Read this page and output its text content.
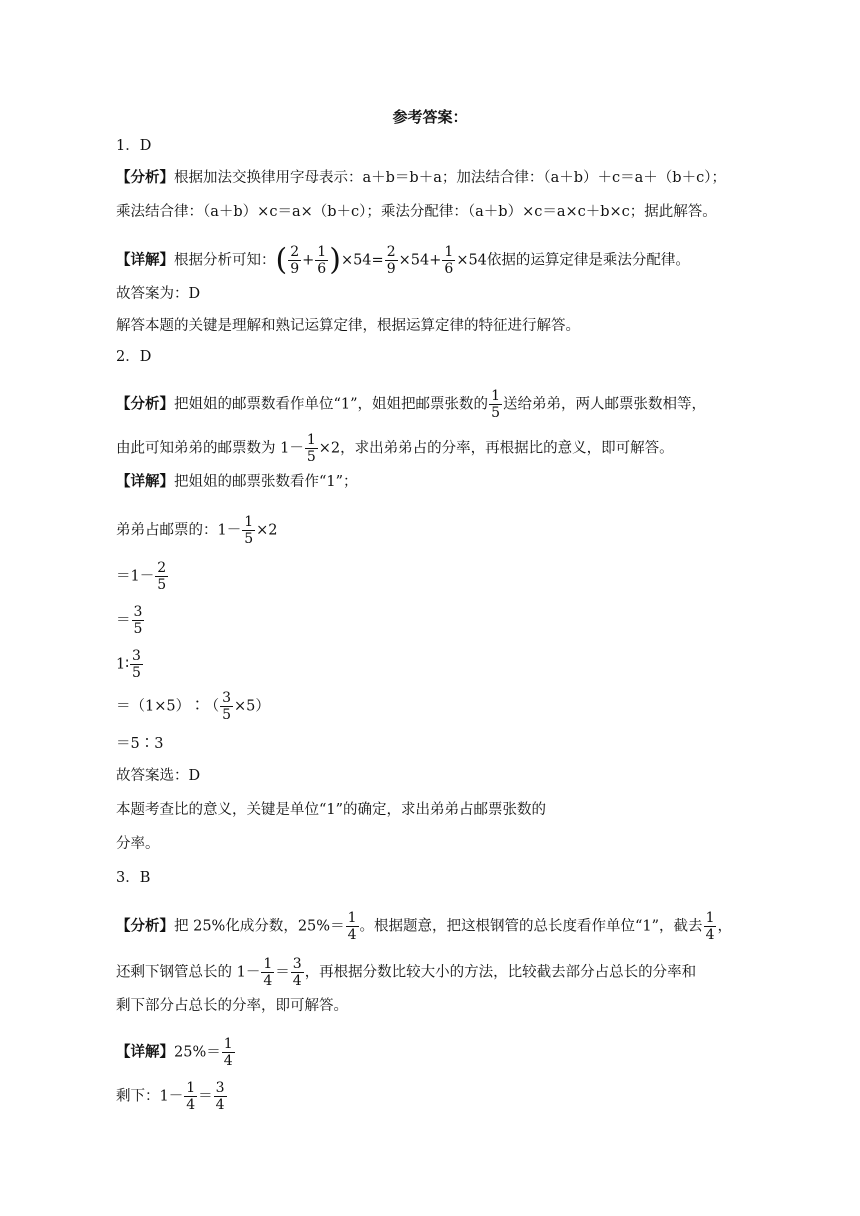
参考答案：
1．D
【分析】根据加法交换律用字母表示：a＋b＝b＋a；加法结合律：（a＋b）＋c＝a＋（b＋c）；
乘法结合律：（a＋b）×c＝a×（b＋c）；乘法分配律：（a＋b）×c＝a×c＋b×c；据此解答。
【详解】根据分析可知：( $\frac{2}{9} + \frac{1}{6} )\times 54= \frac{2}{9} \times 54+ \frac{1}{6} \times 54$依据的运算定律是乘法分配律。
故答案为：D
解答本题的关键是理解和熟记运算定律，根据运算定律的特征进行解答。
2．D
【分析】把姐姐的邮票数看作单位“1”，姐姐把邮票张数的 $\frac{1}{5}$ 送给弟弟，两人邮票张数相等，
由此可知弟弟的邮票数为 $1- \frac{1}{5} \times 2$，求出弟弟占的分率，再根据比的意义，即可解答。
【详解】把姐姐的邮票张数看作“1”；
弟弟占邮票的：$1- \frac{1}{5} \times 2$
$=1- \frac{2}{5}$
＝ $\frac{3}{5}$
1∶ $\frac{3}{5}$
＝（1×5）∶（ $\frac{3}{5} \times 5$）
＝5∶3
故答案选：D
本题考查比的意义，关键是单位“1”的确定，求出弟弟占邮票张数的
分率。
3．B
【分析】把 25%化成分数，$25\%= \frac{1}{4}$ 。根据题意，把这根钢管的总长度看作单位“1”，截去 $\frac{1}{4}$ ，
还剩下钢管总长的 $1- \frac{1}{4} = \frac{3}{4}$ ，再根据分数比较大小的方法，比较截去部分占总长的分率和
剩下部分占总长的分率，即可解答。
【详解】$25\%= \frac{1}{4}$
剩下：$1- \frac{1}{4} = \frac{3}{4}$
